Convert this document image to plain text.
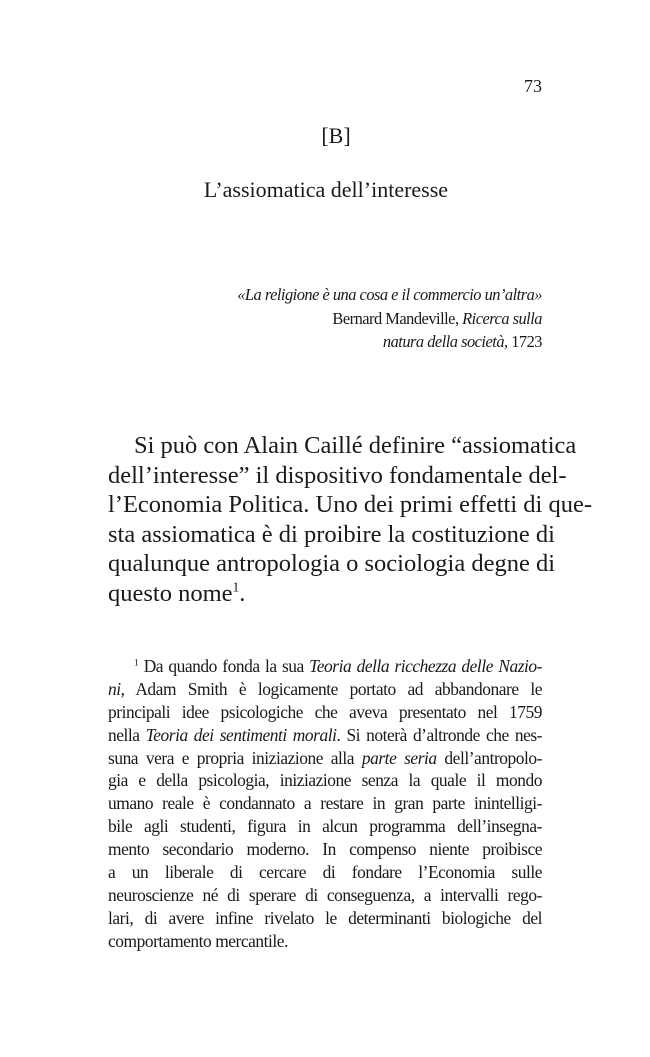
73
[B]
L’assiomatica dell’interesse
«La religione è una cosa e il commercio un’altra»
Bernard Mandeville, Ricerca sulla
natura della società, 1723
Si può con Alain Caillé definire “assiomatica
dell’interesse” il dispositivo fondamentale del-
l’Economia Politica. Uno dei primi effetti di que-
sta assiomatica è di proibire la costituzione di
qualunque antropologia o sociologia degne di
questo nome$^1$.
$^1$ Da quando fonda la sua Teoria della ricchezza delle Nazio-
ni, Adam Smith è logicamente portato ad abbandonare le
principali idee psicologiche che aveva presentato nel 1759
nella Teoria dei sentimenti morali. Si noterà d’altronde che nes-
suna vera e propria iniziazione alla parte seria dell’antropolo-
gia e della psicologia, iniziazione senza la quale il mondo
umano reale è condannato a restare in gran parte inintelligi-
bile agli studenti, figura in alcun programma dell’insegna-
mento secondario moderno. In compenso niente proibisce
a un liberale di cercare di fondare l’Economia sulle
neuroscienze né di sperare di conseguenza, a intervalli rego-
lari, di avere infine rivelato le determinanti biologiche del
comportamento mercantile.
